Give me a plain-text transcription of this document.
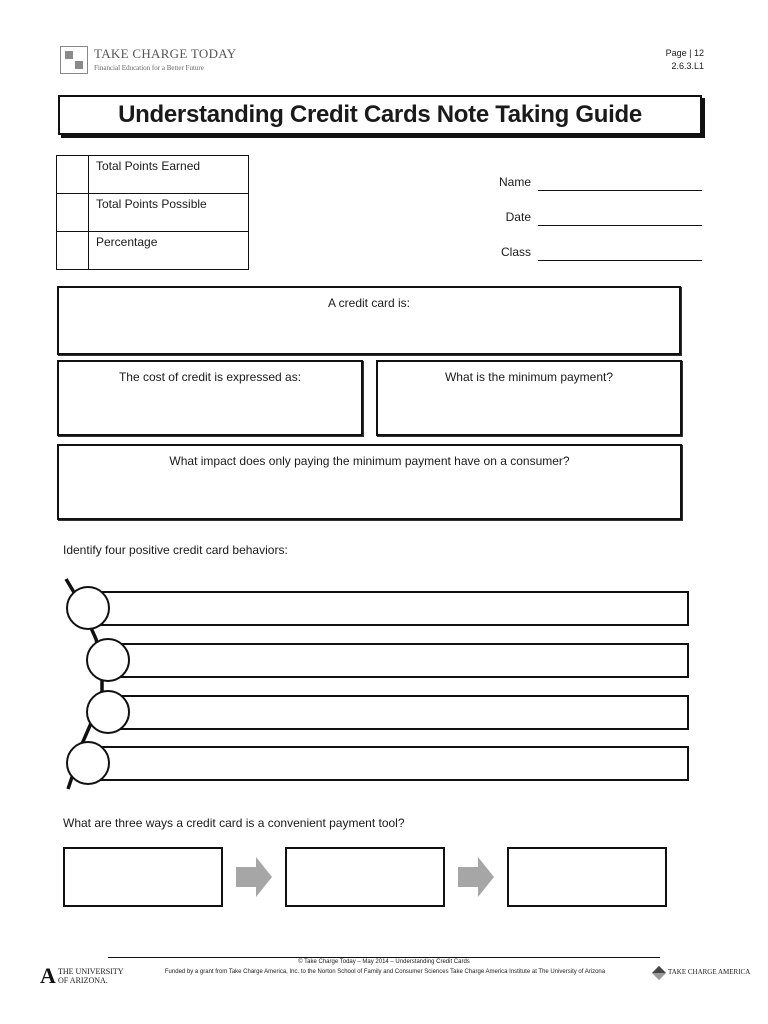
TAKE CHARGE TODAY
Financial Education for a Better Future
Page | 12
2.6.3.L1
Understanding Credit Cards Note Taking Guide
	Total Points Earned
	Total Points Possible
	Percentage
Name
Date
Class
A credit card is:
The cost of credit is expressed as:	What is the minimum payment?
What impact does only paying the minimum payment have on a consumer?
Identify four positive credit card behaviors:
What are three ways a credit card is a convenient payment tool?
© Take Charge Today – May 2014 – Understanding Credit Cards
Funded by a grant from Take Charge America, Inc. to the Norton School of Family and Consumer Sciences Take Charge America Institute at The University of Arizona
A THE UNIVERSITY
OF ARIZONA.
TAKE CHARGE AMERICA
